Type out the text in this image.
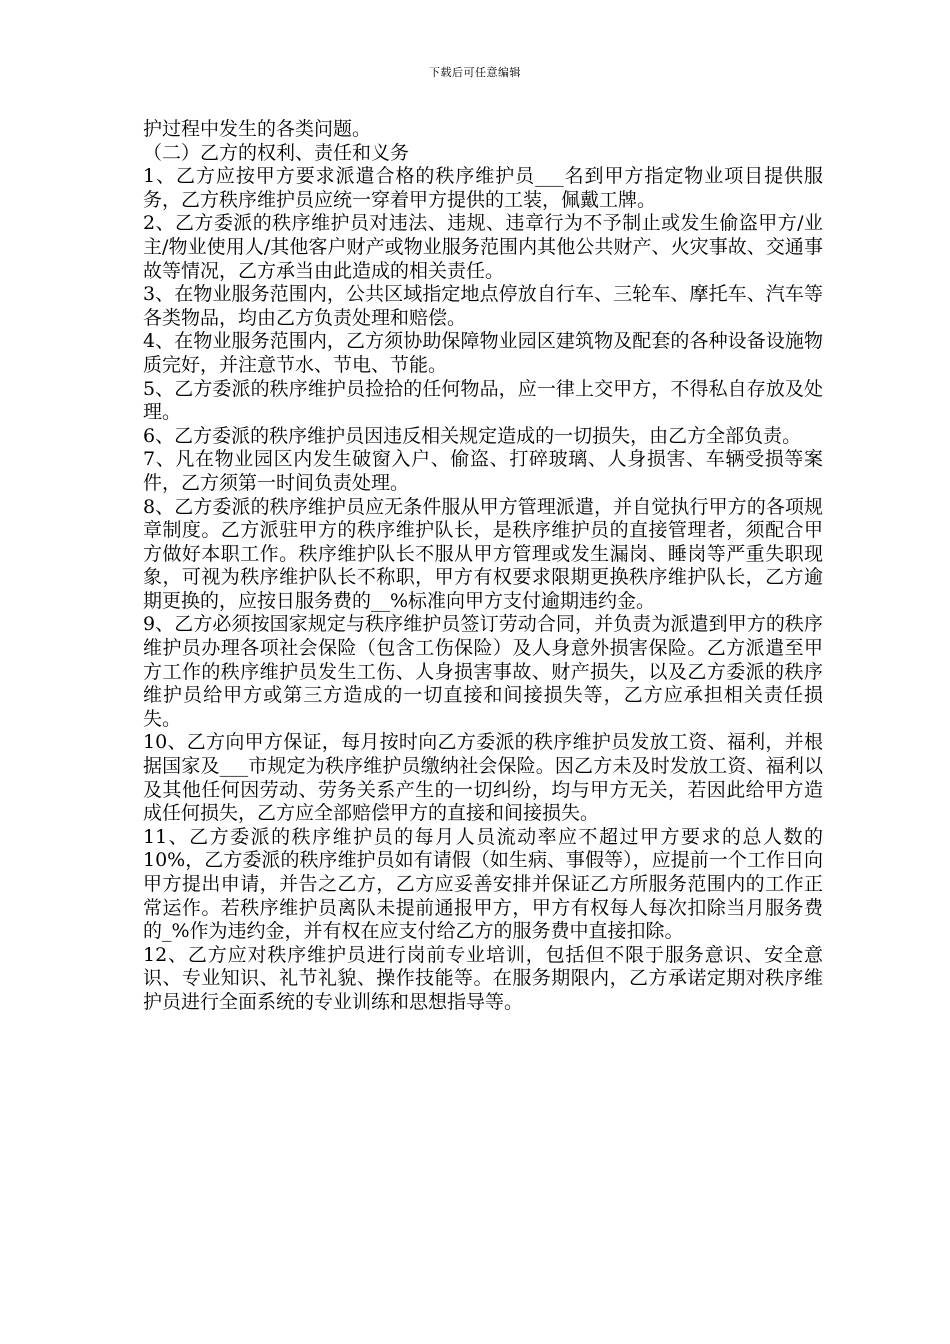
下载后可任意编辑

护过程中发生的各类问题。

（二）乙方的权利、责任和义务

1、乙方应按甲方要求派遣合格的秩序维护员___名到甲方指定物业项目提供服务，乙方秩序维护员应统一穿着甲方提供的工装，佩戴工牌。

2、乙方委派的秩序维护员对违法、违规、违章行为不予制止或发生偷盗甲方/业主/物业使用人/其他客户财产或物业服务范围内其他公共财产、火灾事故、交通事故等情况，乙方承当由此造成的相关责任。

3、在物业服务范围内，公共区域指定地点停放自行车、三轮车、摩托车、汽车等各类物品，均由乙方负责处理和赔偿。

4、在物业服务范围内，乙方须协助保障物业园区建筑物及配套的各种设备设施物质完好，并注意节水、节电、节能。

5、乙方委派的秩序维护员捡拾的任何物品，应一律上交甲方，不得私自存放及处理。

6、乙方委派的秩序维护员因违反相关规定造成的一切损失，由乙方全部负责。

7、凡在物业园区内发生破窗入户、偷盗、打碎玻璃、人身损害、车辆受损等案件，乙方须第一时间负责处理。

8、乙方委派的秩序维护员应无条件服从甲方管理派遣，并自觉执行甲方的各项规章制度。乙方派驻甲方的秩序维护队长，是秩序维护员的直接管理者，须配合甲方做好本职工作。秩序维护队长不服从甲方管理或发生漏岗、睡岗等严重失职现象，可视为秩序维护队长不称职，甲方有权要求限期更换秩序维护队长，乙方逾期更换的，应按日服务费的__%标准向甲方支付逾期违约金。

9、乙方必须按国家规定与秩序维护员签订劳动合同，并负责为派遣到甲方的秩序维护员办理各项社会保险（包含工伤保险）及人身意外损害保险。乙方派遣至甲方工作的秩序维护员发生工伤、人身损害事故、财产损失，以及乙方委派的秩序维护员给甲方或第三方造成的一切直接和间接损失等，乙方应承担相关责任损失。

10、乙方向甲方保证，每月按时向乙方委派的秩序维护员发放工资、福利，并根据国家及___市规定为秩序维护员缴纳社会保险。因乙方未及时发放工资、福利以及其他任何因劳动、劳务关系产生的一切纠纷，均与甲方无关，若因此给甲方造成任何损失，乙方应全部赔偿甲方的直接和间接损失。

11、乙方委派的秩序维护员的每月人员流动率应不超过甲方要求的总人数的10%，乙方委派的秩序维护员如有请假（如生病、事假等），应提前一个工作日向甲方提出申请，并告之乙方，乙方应妥善安排并保证乙方所服务范围内的工作正常运作。若秩序维护员离队未提前通报甲方，甲方有权每人每次扣除当月服务费的_%作为违约金，并有权在应支付给乙方的服务费中直接扣除。

12、乙方应对秩序维护员进行岗前专业培训，包括但不限于服务意识、安全意识、专业知识、礼节礼貌、操作技能等。在服务期限内，乙方承诺定期对秩序维护员进行全面系统的专业训练和思想指导等。
